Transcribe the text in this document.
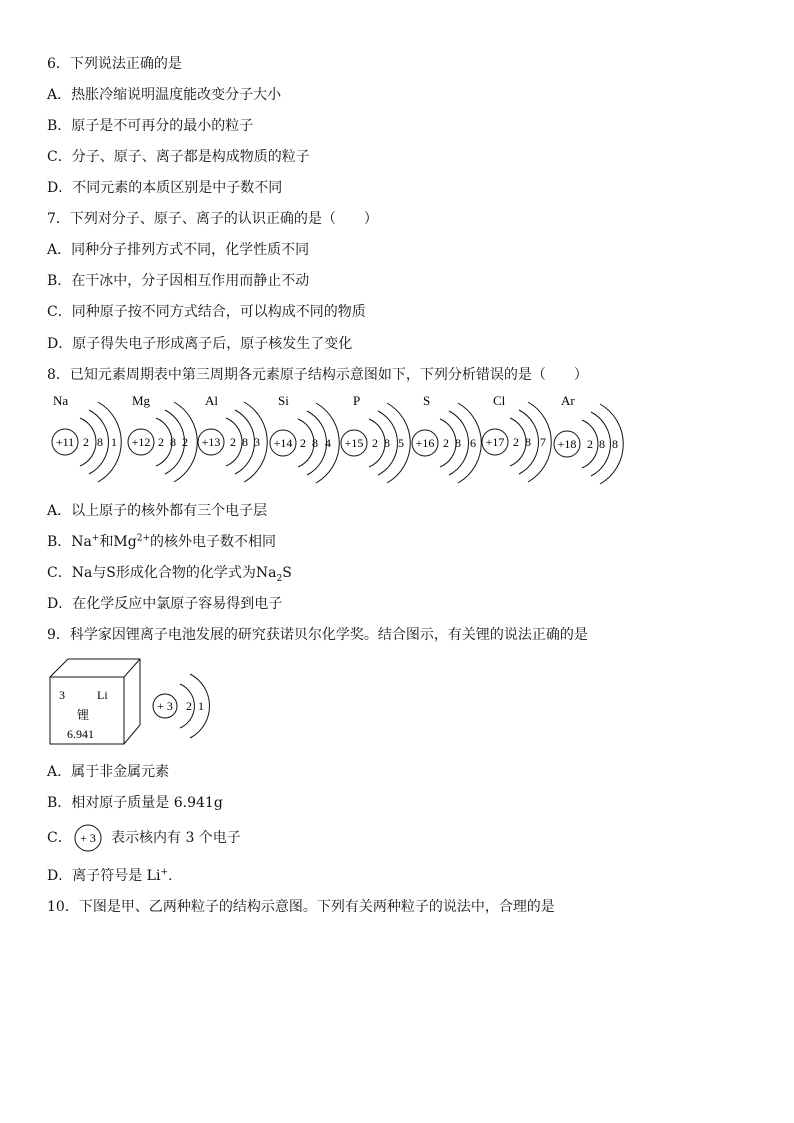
6．下列说法正确的是
A．热胀冷缩说明温度能改变分子大小
B．原子是不可再分的最小的粒子
C．分子、原子、离子都是构成物质的粒子
D．不同元素的本质区别是中子数不同
7．下列对分子、原子、离子的认识正确的是（　　）
A．同种分子排列方式不同，化学性质不同
B．在干冰中，分子因相互作用而静止不动
C．同种原子按不同方式结合，可以构成不同的物质
D．原子得失电子形成离子后，原子核发生了变化
8．已知元素周期表中第三周期各元素原子结构示意图如下，下列分析错误的是（　　）
Na
+11 2 8 1
Mg
+12 2 8 2
Al
+13 2 8 3
Si
+14 2 8 4
P
+15 2 8 5
S
+16 2 8 6
Cl
+17 2 8 7
Ar
+18 2 8 8
A．以上原子的核外都有三个电子层
B．Na+和$Mg^{2+}$的核外电子数不相同
C．Na与S形成化合物的化学式为$Na_2S$
D．在化学反应中氯原子容易得到电子
9．科学家因锂离子电池发展的研究获诺贝尔化学奖。结合图示，有关锂的说法正确的是
3	Li
锂
6.941
+ 3 2 1
A．属于非金属元素
B．相对原子质量是 6.941g
C． + 3 表示核内有 3 个电子
D．离子符号是 Li+.
10．下图是甲、乙两种粒子的结构示意图。下列有关两种粒子的说法中，合理的是
